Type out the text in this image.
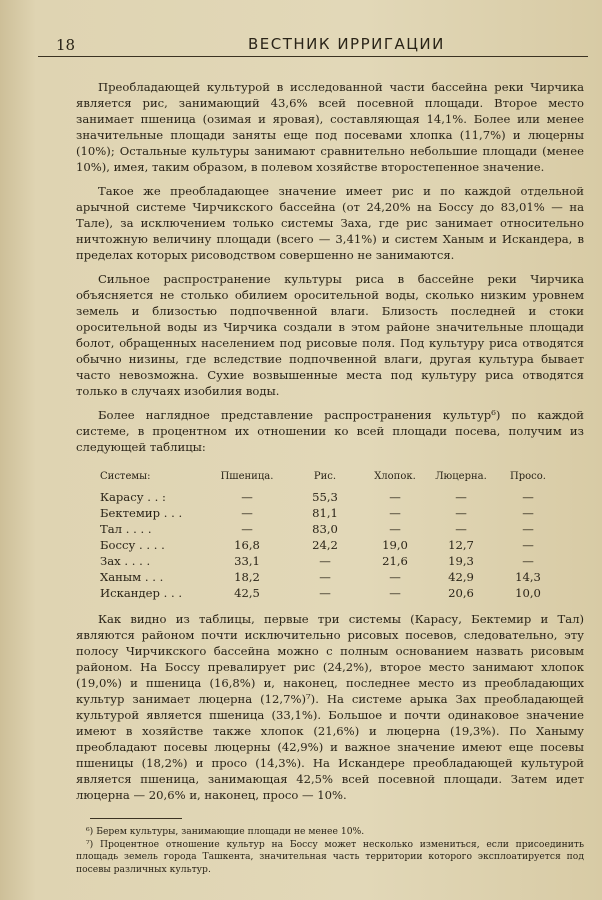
18	ВЕСТНИК ИРРИГАЦИИ

Преобладающей культурой в исследованной части бассейна реки Чирчика является рис, занимающий 43,6% всей посевной площади. Второе место занимает пшеница (озимая и яровая), составляющая 14,1%. Более или менее значительные площади заняты еще под посевами хлопка (11,7%) и люцерны (10%); Остальные культуры занимают сравнительно небольшие площади (менее 10%), имея, таким образом, в полевом хозяйстве второстепенное значение.

Такое же преобладающее значение имеет рис и по каждой отдельной арычной системе Чирчикского бассейна (от 24,20% на Боссу до 83,01% — на Тале), за исключением только системы Заха, где рис занимает относительно ничтожную величину площади (всего — 3,41%) и систем Ханым и Искандера, в пределах которых рисоводством совершенно не занимаются.

Сильное распространение культуры риса в бассейне реки Чирчика объясняется не столько обилием оросительной воды, сколько низким уровнем земель и близостью подпочвенной влаги. Близость последней и стоки оросительной воды из Чирчика создали в этом районе значительные площади болот, обращенных населением под рисовые поля. Под культуру риса отводятся обычно низины, где вследствие подпочвенной влаги, другая культура бывает часто невозможна. Сухие возвышенные места под культуру риса отводятся только в случаях изобилия воды.

Более наглядное представление распространения культур⁶) по каждой системе, в процентном их отношении ко всей площади посева, получим из следующей таблицы:

Системы:	Пшеница.	Рис.	Хлопок.	Люцерна.	Просо.
Карасу . . :	—	55,3	—	—	—
Бектемир . . .	—	81,1	—	—	—
Тал . . . .	—	83,0	—	—	—
Боссу . . . .	16,8	24,2	19,0	12,7	—
Зах . . . .	33,1	—	21,6	19,3	—
Ханым . . .	18,2	—	—	42,9	14,3
Искандер . . .	42,5	—	—	20,6	10,0

Как видно из таблицы, первые три системы (Карасу, Бектемир и Тал) являются районом почти исключительно рисовых посевов, следовательно, эту полосу Чирчикского бассейна можно с полным основанием назвать рисовым районом. На Боссу превалирует рис (24,2%), второе место занимают хлопок (19,0%) и пшеница (16,8%) и, наконец, последнее место из преобладающих культур занимает люцерна (12,7%)⁷). На системе арыка Зах преобладающей культурой является пшеница (33,1%). Большое и почти одинаковое значение имеют в хозяйстве также хлопок (21,6%) и люцерна (19,3%). По Ханыму преобладают посевы люцерны (42,9%) и важное значение имеют еще посевы пшеницы (18,2%) и просо (14,3%). На Искандере преобладающей культурой является пшеница, занимающая 42,5% всей посевной площади. Затем идет люцерна — 20,6% и, наконец, просо — 10%.

⁶) Берем культуры, занимающие площади не менее 10%.

⁷) Процентное отношение культур на Боссу может несколько измениться, если присоединить площадь земель города Ташкента, значительная часть территории которого эксплоатируется под посевы различных культур.
